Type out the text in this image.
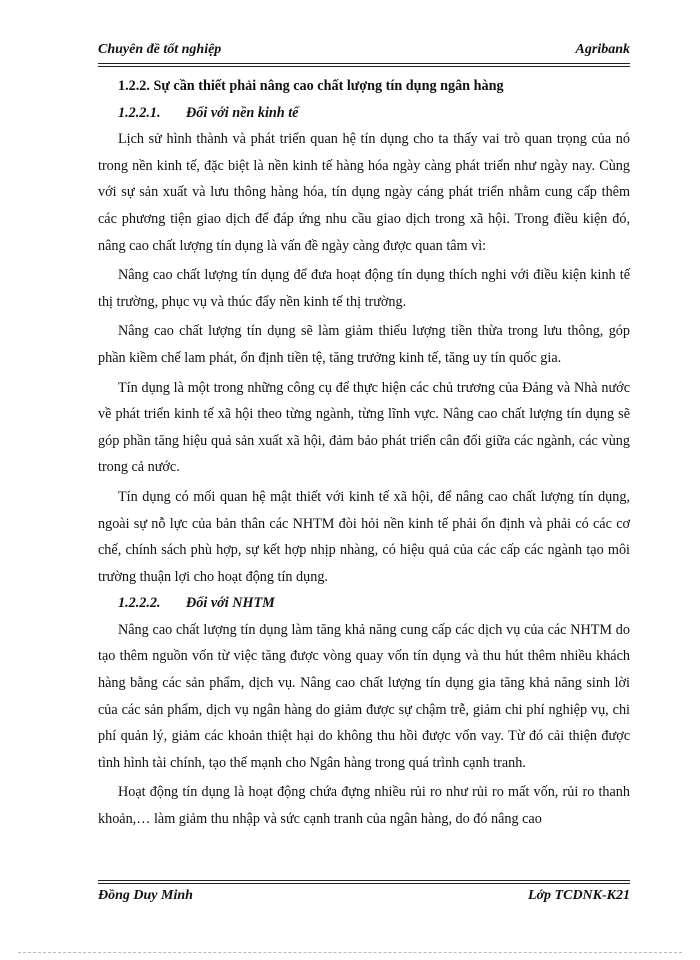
Chuyên đề tốt nghiệp	Agribank
1.2.2. Sự cần thiết phải nâng cao chất lượng tín dụng ngân hàng
1.2.2.1. Đối với nền kinh tế

Lịch sử hình thành và phát triển quan hệ tín dụng cho ta thấy vai trò quan trọng của nó trong nền kinh tế, đặc biệt là nền kinh tế hàng hóa ngày càng phát triển như ngày nay. Cùng với sự sản xuất và lưu thông hàng hóa, tín dụng ngày cáng phát triển nhằm cung cấp thêm các phương tiện giao dịch để đáp ứng nhu cầu giao dịch trong xã hội. Trong điều kiện đó, nâng cao chất lượng tín dụng là vấn đề ngày càng được quan tâm vì:

Nâng cao chất lượng tín dụng để đưa hoạt động tín dụng thích nghi với điều kiện kinh tế thị trường, phục vụ và thúc đẩy nền kinh tế thị trường.

Nâng cao chất lượng tín dụng sẽ làm giảm thiểu lượng tiền thừa trong lưu thông, góp phần kiềm chế lam phát, ổn định tiền tệ, tăng trưởng kinh tế, tăng uy tín quốc gia.

Tín dụng là một trong những công cụ để thực hiện các chủ trương của Đảng và Nhà nước về phát triển kinh tế xã hội theo từng ngành, từng lĩnh vực. Nâng cao chất lượng tín dụng sẽ góp phần tăng hiệu quả sản xuất xã hội, đảm bảo phát triển cân đối giữa các ngành, các vùng trong cả nước.

Tín dụng có mối quan hệ mật thiết với kinh tế xã hội, để nâng cao chất lượng tín dụng, ngoài sự nỗ lực của bản thân các NHTM đòi hỏi nền kinh tế phải ổn định và phải có các cơ chế, chính sách phù hợp, sự kết hợp nhịp nhàng, có hiệu quả của các cấp các ngành tạo môi trường thuận lợi cho hoạt động tín dụng.

1.2.2.2. Đối với NHTM

Nâng cao chất lượng tín dụng làm tăng khả năng cung cấp các dịch vụ của các NHTM do tạo thêm nguồn vốn từ việc tăng được vòng quay vốn tín dụng và thu hút thêm nhiều khách hàng bằng các sản phẩm, dịch vụ. Nâng cao chất lượng tín dụng gia tăng khả năng sinh lời của các sản phẩm, dịch vụ ngân hàng do giảm được sự chậm trễ, giảm chi phí nghiệp vụ, chi phí quản lý, giảm các khoản thiệt hại do không thu hồi được vốn vay. Từ đó cải thiện được tình hình tài chính, tạo thế mạnh cho Ngân hàng trong quá trình cạnh tranh.

Hoạt động tín dụng là hoạt động chứa đựng nhiều rủi ro như rủi ro mất vốn, rủi ro thanh khoản,… làm giảm thu nhập và sức cạnh tranh của ngân hàng, do đó nâng cao

Đồng Duy Minh	Lớp TCDNK-K21
